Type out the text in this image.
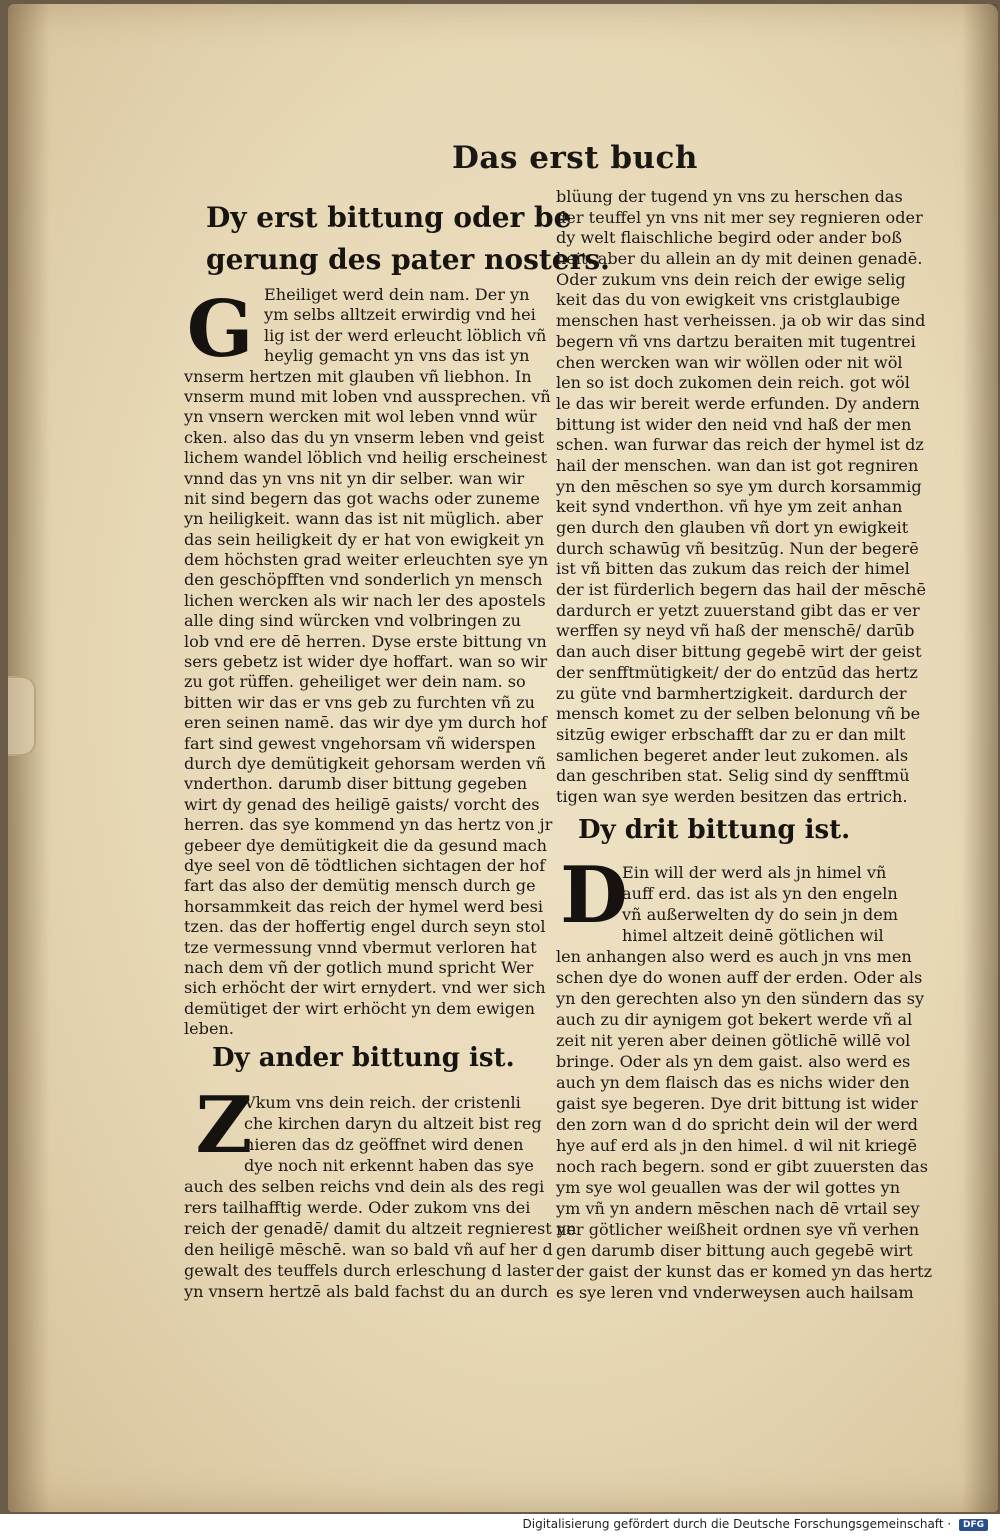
Das erst buch
Dy erst bittung oder be
gerung des pater nosters.
G Eheiliget werd dein nam. Der yn
ym selbs alltzeit erwirdig vnd hei
lig ist der werd erleucht löblich vñ
heylig gemacht yn vns das ist yn
vnserm hertzen mit glauben vñ liebhon. In
vnserm mund mit loben vnd aussprechen. vñ
yn vnsern wercken mit wol leben vnnd wür
cken. also das du yn vnserm leben vnd geist
lichem wandel löblich vnd heilig erscheinest
vnnd das yn vns nit yn dir selber. wan wir
nit sind begern das got wachs oder zuneme
yn heiligkeit. wann das ist nit müglich. aber
das sein heiligkeit dy er hat von ewigkeit yn
dem höchsten grad weiter erleuchten sye yn
den geschöpfften vnd sonderlich yn mensch
lichen wercken als wir nach ler des apostels
alle ding sind würcken vnd volbringen zu
lob vnd ere dē herren. Dyse erste bittung vn
sers gebetz ist wider dye hoffart. wan so wir
zu got rüffen. geheiliget wer dein nam. so
bitten wir das er vns geb zu furchten vñ zu
eren seinen namē. das wir dye ym durch hof
fart sind gewest vngehorsam vñ widerspen
durch dye demütigkeit gehorsam werden vñ
vnderthon. darumb diser bittung gegeben
wirt dy genad des heiligē gaists/ vorcht des
herren. das sye kommend yn das hertz von jr
gebeer dye demütigkeit die da gesund mach
dye seel von dē tödtlichen sichtagen der hof
fart das also der demütig mensch durch ge
horsammkeit das reich der hymel werd besi
tzen. das der hoffertig engel durch seyn stol
tze vermessung vnnd vbermut verloren hat
nach dem vñ der gotlich mund spricht Wer
sich erhöcht der wirt ernydert. vnd wer sich
demütiget der wirt erhöcht yn dem ewigen
leben.
Dy ander bittung ist.
Z
Vkum vns dein reich. der cristenli
che kirchen daryn du altzeit bist reg
nieren das dz geöffnet wird denen
dye noch nit erkennt haben das sye
auch des selben reichs vnd dein als des regi
rers tailhafftig werde. Oder zukom vns dei
reich der genadē/ damit du altzeit regnierest yn
den heiligē mēschē. wan so bald vñ auf her d
gewalt des teuffels durch erleschung d laster
yn vnsern hertzē als bald fachst du an durch
blüung der tugend yn vns zu herschen das
der teuffel yn vns nit mer sey regnieren oder
dy welt flaischliche begird oder ander boß
heit. aber du allein an dy mit deinen genadē.
Oder zukum vns dein reich der ewige selig
keit das du von ewigkeit vns cristglaubige
menschen hast verheissen. ja ob wir das sind
begern vñ vns dartzu beraiten mit tugentrei
chen wercken wan wir wöllen oder nit wöl
len so ist doch zukomen dein reich. got wöl
le das wir bereit werde erfunden. Dy andern
bittung ist wider den neid vnd haß der men
schen. wan furwar das reich der hymel ist dz
hail der menschen. wan dan ist got regniren
yn den mēschen so sye ym durch korsammig
keit synd vnderthon. vñ hye ym zeit anhan
gen durch den glauben vñ dort yn ewigkeit
durch schawūg vñ besitzūg. Nun der begerē
ist vñ bitten das zukum das reich der himel
der ist fürderlich begern das hail der mēschē
dardurch er yetzt zuuerstand gibt das er ver
werffen sy neyd vñ haß der menschē/ darūb
dan auch diser bittung gegebē wirt der geist
der senfftmütigkeit/ der do entzūd das hertz
zu güte vnd barmhertzigkeit. dardurch der
mensch komet zu der selben belonung vñ be
sitzūg ewiger erbschafft dar zu er dan milt
samlichen begeret ander leut zukomen. als
dan geschriben stat. Selig sind dy senfftmü
tigen wan sye werden besitzen das ertrich.
Dy drit bittung ist.
D
Ein will der werd als jn himel vñ
auff erd. das ist als yn den engeln
vñ außerwelten dy do sein jn dem
himel altzeit deinē götlichen wil
len anhangen also werd es auch jn vns men
schen dye do wonen auff der erden. Oder als
yn den gerechten also yn den sündern das sy
auch zu dir aynigem got bekert werde vñ al
zeit nit yeren aber deinen götlichē willē vol
bringe. Oder als yn dem gaist. also werd es
auch yn dem flaisch das es nichs wider den
gaist sye begeren. Dye drit bittung ist wider
den zorn wan d do spricht dein wil der werd
hye auf erd als jn den himel. d wil nit kriegē
noch rach begern. sond er gibt zuuersten das
ym sye wol geuallen was der wil gottes yn
ym vñ yn andern mēschen nach dē vrtail sey
ner götlicher weißheit ordnen sye vñ verhen
gen darumb diser bittung auch gegebē wirt
der gaist der kunst das er komed yn das hertz
es sye leren vnd vnderweysen auch hailsam
Digitalisierung gefördert durch die Deutsche Forschungsgemeinschaft · DFG
